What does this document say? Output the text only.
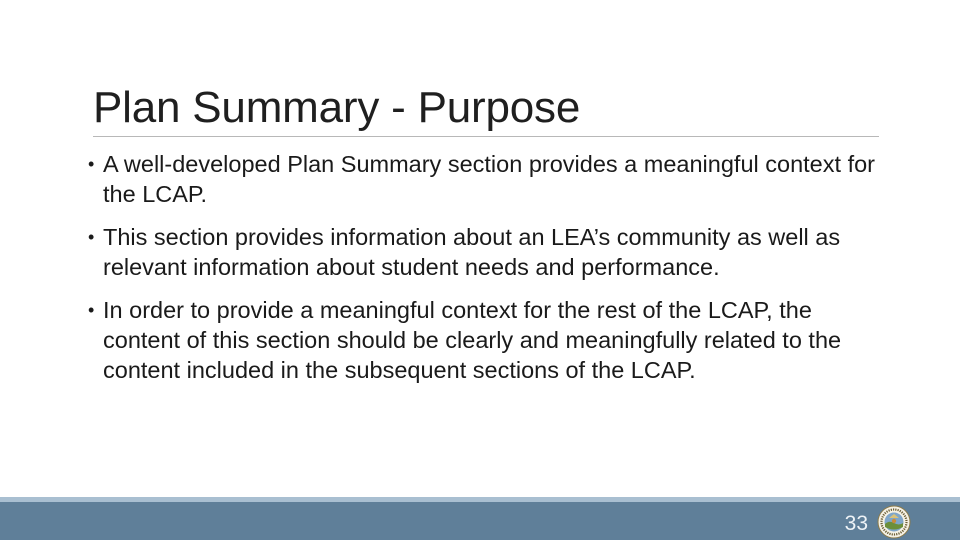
Plan Summary - Purpose
• A well-developed Plan Summary section provides a meaningful context for the LCAP.
• This section provides information about an LEA’s community as well as relevant information about student needs and performance.
• In order to provide a meaningful context for the rest of the LCAP, the content of this section should be clearly and meaningfully related to the content included in the subsequent sections of the LCAP.
33
